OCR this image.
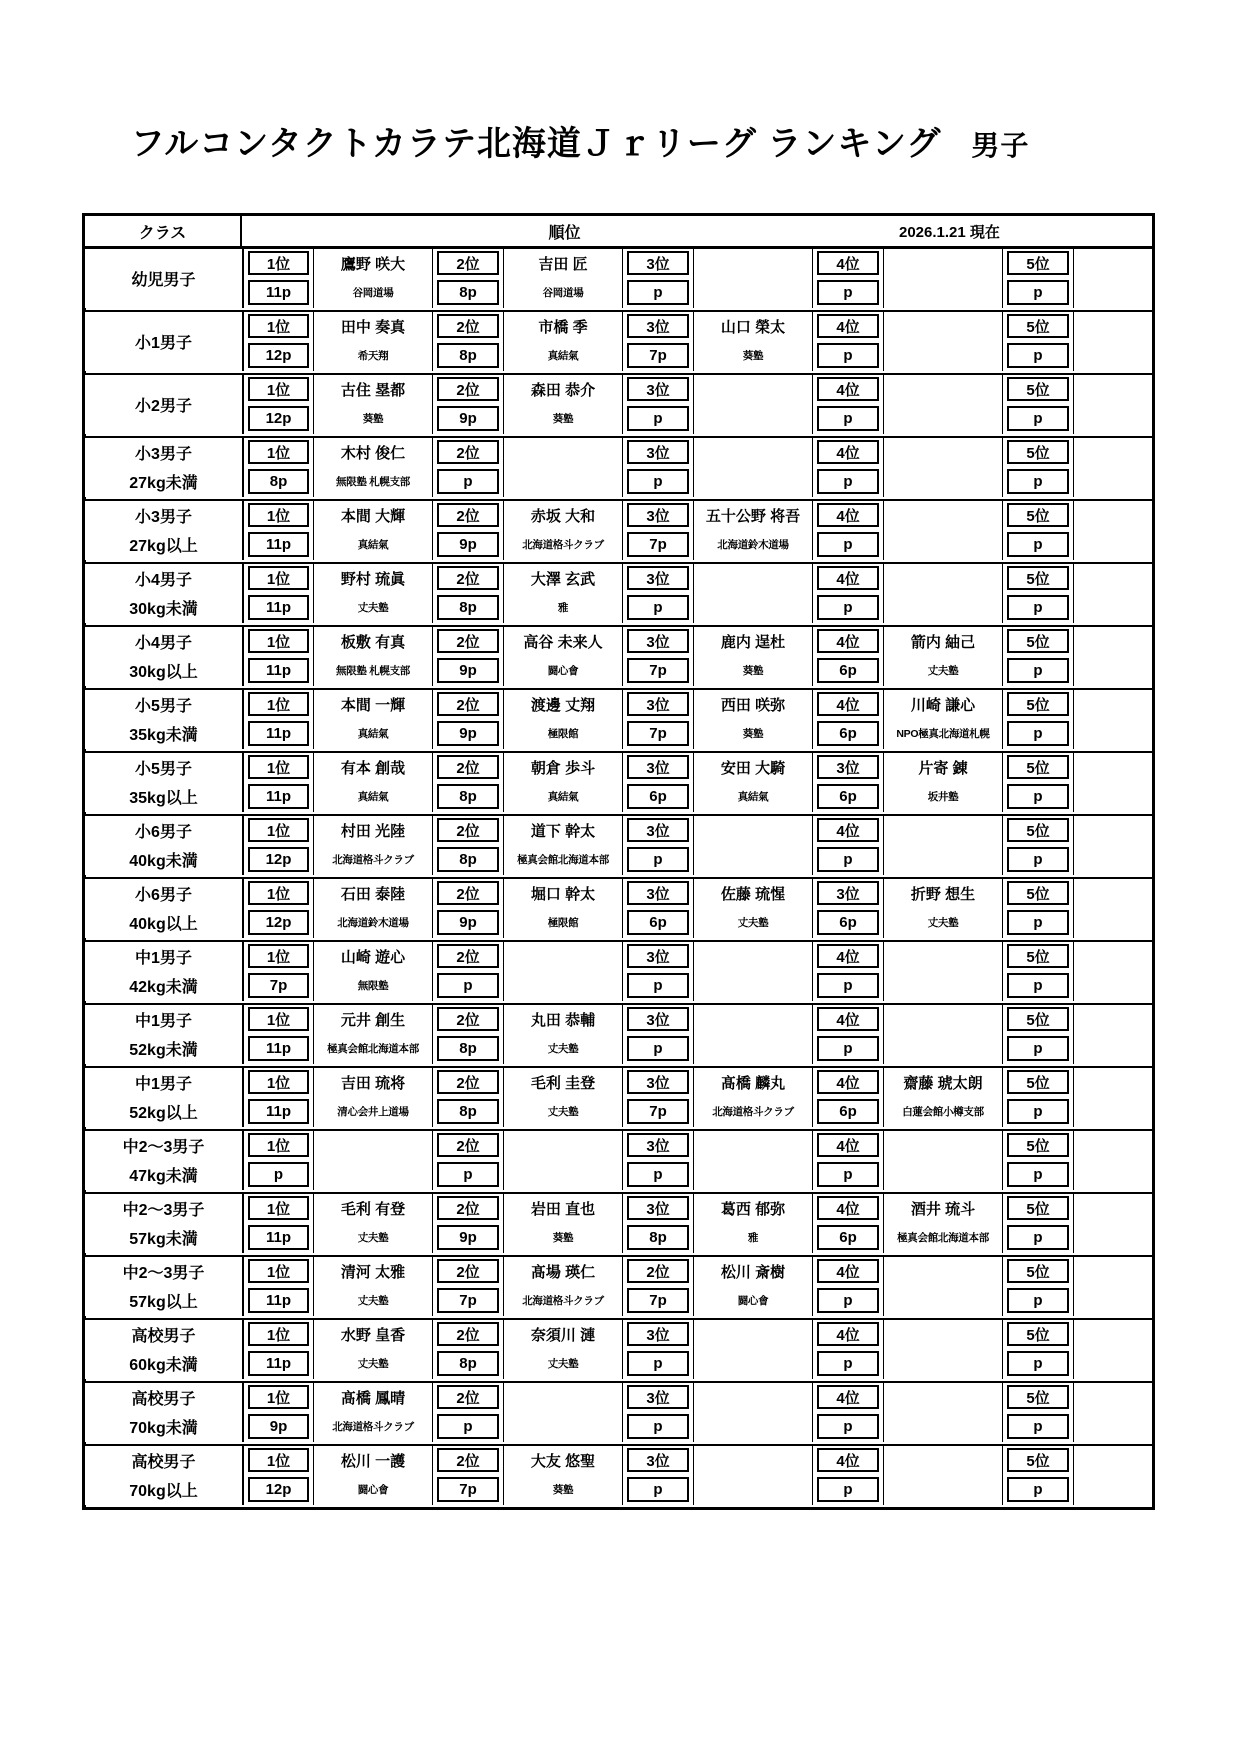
フルコンタクトカラテ北海道Ｊｒリーグ ランキング 男子
クラス	順位	2026.1.21 現在
幼児男子
1位
11p
鷹野 咲大
谷岡道場
2位
8p
吉田 匠
谷岡道場
3位
p
4位
p
5位
p
小1男子
1位
12p
田中 奏真
希天翔
2位
8p
市橋 季
真結氣
3位
7p
山口 榮太
葵塾
4位
p
5位
p
小2男子
1位
12p
古住 塁都
葵塾
2位
9p
森田 恭介
葵塾
3位
p
4位
p
5位
p
小3男子
27kg未満
1位
8p
木村 俊仁
無限塾 札幌支部
2位
p
3位
p
4位
p
5位
p
小3男子
27kg以上
1位
11p
本間 大輝
真結氣
2位
9p
赤坂 大和
北海道格斗クラブ
3位
7p
五十公野 将吾
北海道鈴木道場
4位
p
5位
p
小4男子
30kg未満
1位
11p
野村 琉眞
丈夫塾
2位
8p
大澤 玄武
雅
3位
p
4位
p
5位
p
小4男子
30kg以上
1位
11p
板敷 有真
無限塾 札幌支部
2位
9p
高谷 未来人
闘心會
3位
7p
鹿内 逞杜
葵塾
4位
6p
箭内 紬己
丈夫塾
5位
p
小5男子
35kg未満
1位
11p
本間 一輝
真結氣
2位
9p
渡邊 丈翔
極限館
3位
7p
西田 咲弥
葵塾
4位
6p
川崎 謙心
NPO極真北海道札幌
5位
p
小5男子
35kg以上
1位
11p
有本 創哉
真結氣
2位
8p
朝倉 歩斗
真結氣
3位
6p
安田 大騎
真結氣
3位
6p
片寄 錬
坂井塾
5位
p
小6男子
40kg未満
1位
12p
村田 光陸
北海道格斗クラブ
2位
8p
道下 幹太
極真会館北海道本部
3位
p
4位
p
5位
p
小6男子
40kg以上
1位
12p
石田 泰陸
北海道鈴木道場
2位
9p
堀口 幹太
極限館
3位
6p
佐藤 琉惺
丈夫塾
3位
6p
折野 想生
丈夫塾
5位
p
中1男子
42kg未満
1位
7p
山崎 遊心
無限塾
2位
p
3位
p
4位
p
5位
p
中1男子
52kg未満
1位
11p
元井 創生
極真会館北海道本部
2位
8p
丸田 恭輔
丈夫塾
3位
p
4位
p
5位
p
中1男子
52kg以上
1位
11p
吉田 琉将
清心会井上道場
2位
8p
毛利 圭登
丈夫塾
3位
7p
髙橋 麟丸
北海道格斗クラブ
4位
6p
齋藤 琥太朗
白蓮会館小樽支部
5位
p
中2～3男子
47kg未満
1位
p
2位
p
3位
p
4位
p
5位
p
中2～3男子
57kg未満
1位
11p
毛利 有登
丈夫塾
2位
9p
岩田 直也
葵塾
3位
8p
葛西 郁弥
雅
4位
6p
酒井 琉斗
極真会館北海道本部
5位
p
中2～3男子
57kg以上
1位
11p
清河 太雅
丈夫塾
2位
7p
髙場 瑛仁
北海道格斗クラブ
2位
7p
松川 斎樹
闘心會
4位
p
5位
p
高校男子
60kg未満
1位
11p
水野 皇香
丈夫塾
2位
8p
奈須川 漣
丈夫塾
3位
p
4位
p
5位
p
高校男子
70kg未満
1位
9p
髙橋 鳳晴
北海道格斗クラブ
2位
p
3位
p
4位
p
5位
p
高校男子
70kg以上
1位
12p
松川 一護
闘心會
2位
7p
大友 悠聖
葵塾
3位
p
4位
p
5位
p
